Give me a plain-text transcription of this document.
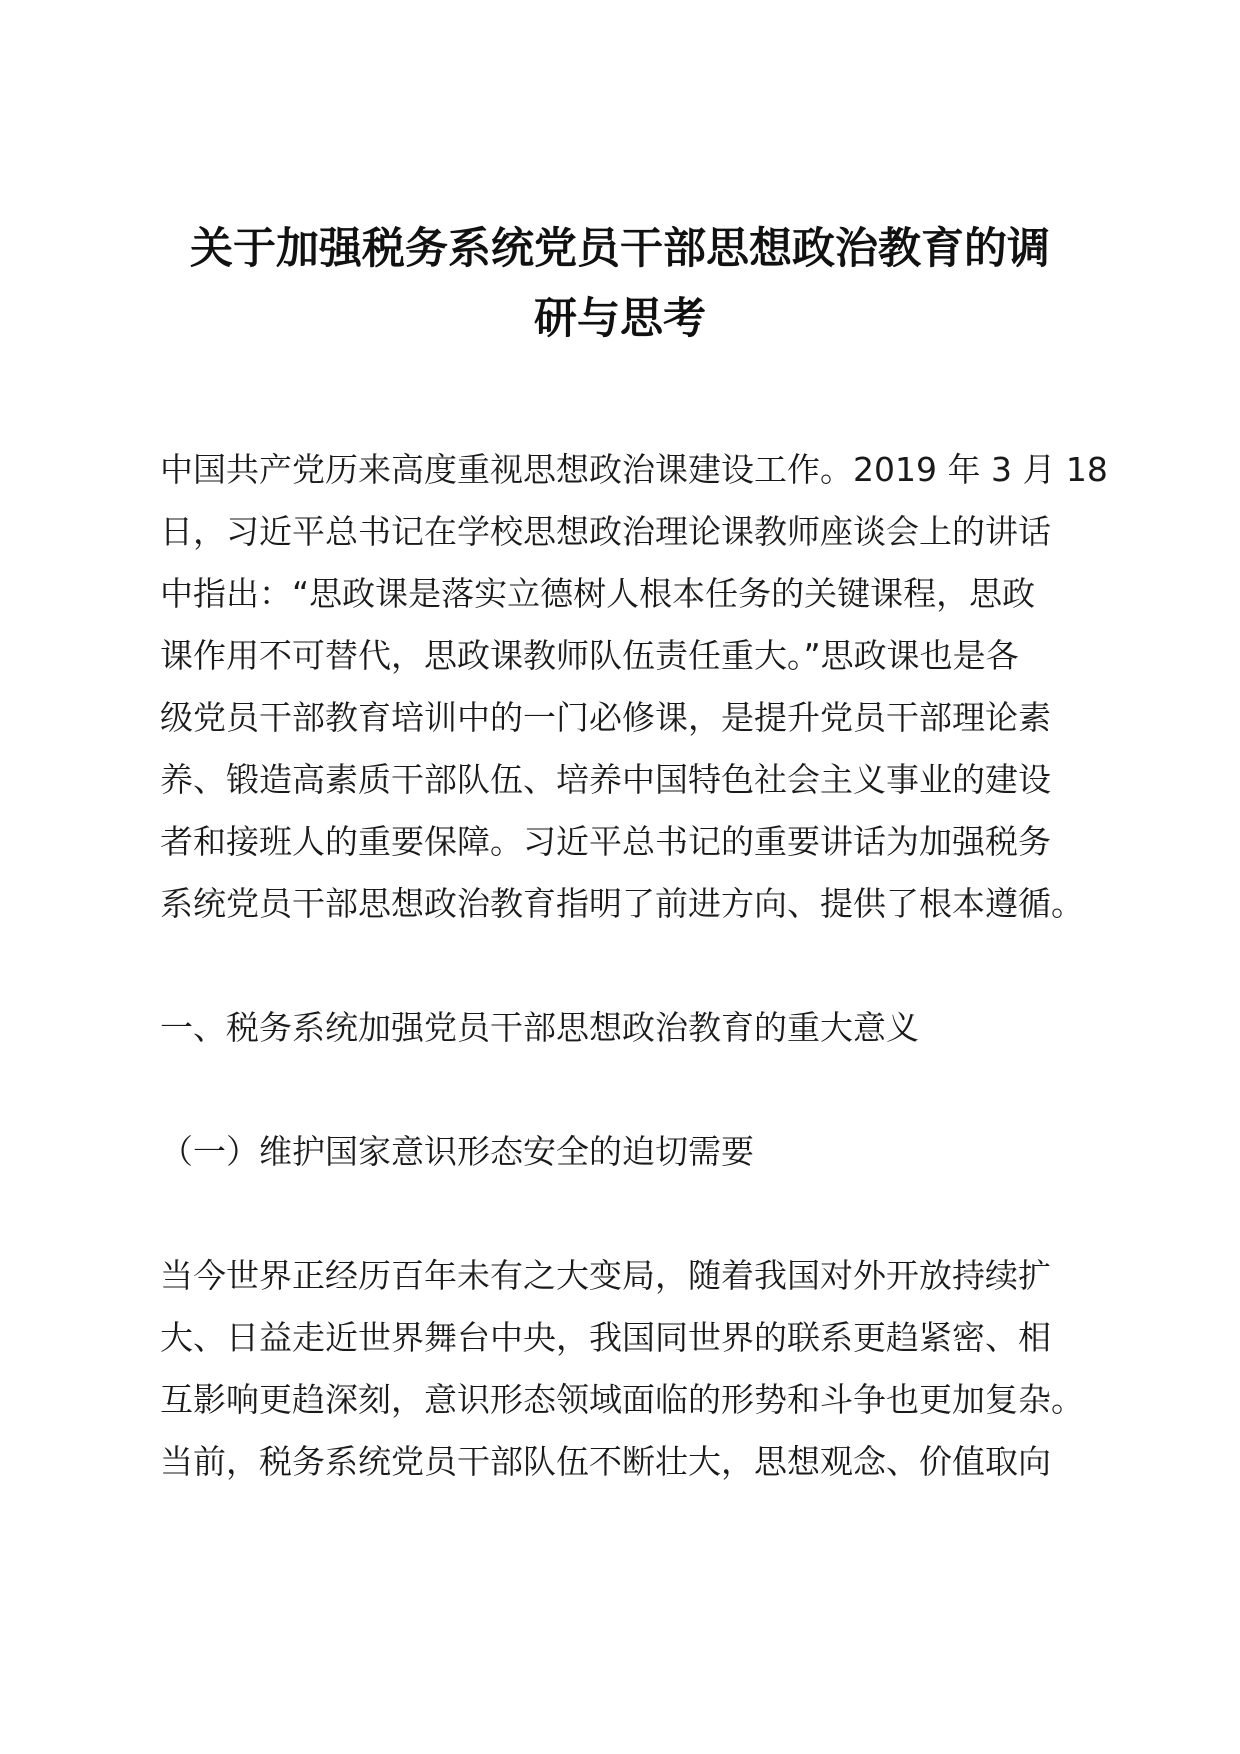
关于加强税务系统党员干部思想政治教育的调
研与思考
中国共产党历来高度重视思想政治课建设工作。2019 年 3 月 18
日，习近平总书记在学校思想政治理论课教师座谈会上的讲话
中指出：“思政课是落实立德树人根本任务的关键课程，思政
课作用不可替代，思政课教师队伍责任重大。”思政课也是各
级党员干部教育培训中的一门必修课，是提升党员干部理论素
养、锻造高素质干部队伍、培养中国特色社会主义事业的建设
者和接班人的重要保障。习近平总书记的重要讲话为加强税务
系统党员干部思想政治教育指明了前进方向、提供了根本遵循。
一、税务系统加强党员干部思想政治教育的重大意义
（一）维护国家意识形态安全的迫切需要
当今世界正经历百年未有之大变局，随着我国对外开放持续扩
大、日益走近世界舞台中央，我国同世界的联系更趋紧密、相
互影响更趋深刻，意识形态领域面临的形势和斗争也更加复杂。
当前，税务系统党员干部队伍不断壮大，思想观念、价值取向
